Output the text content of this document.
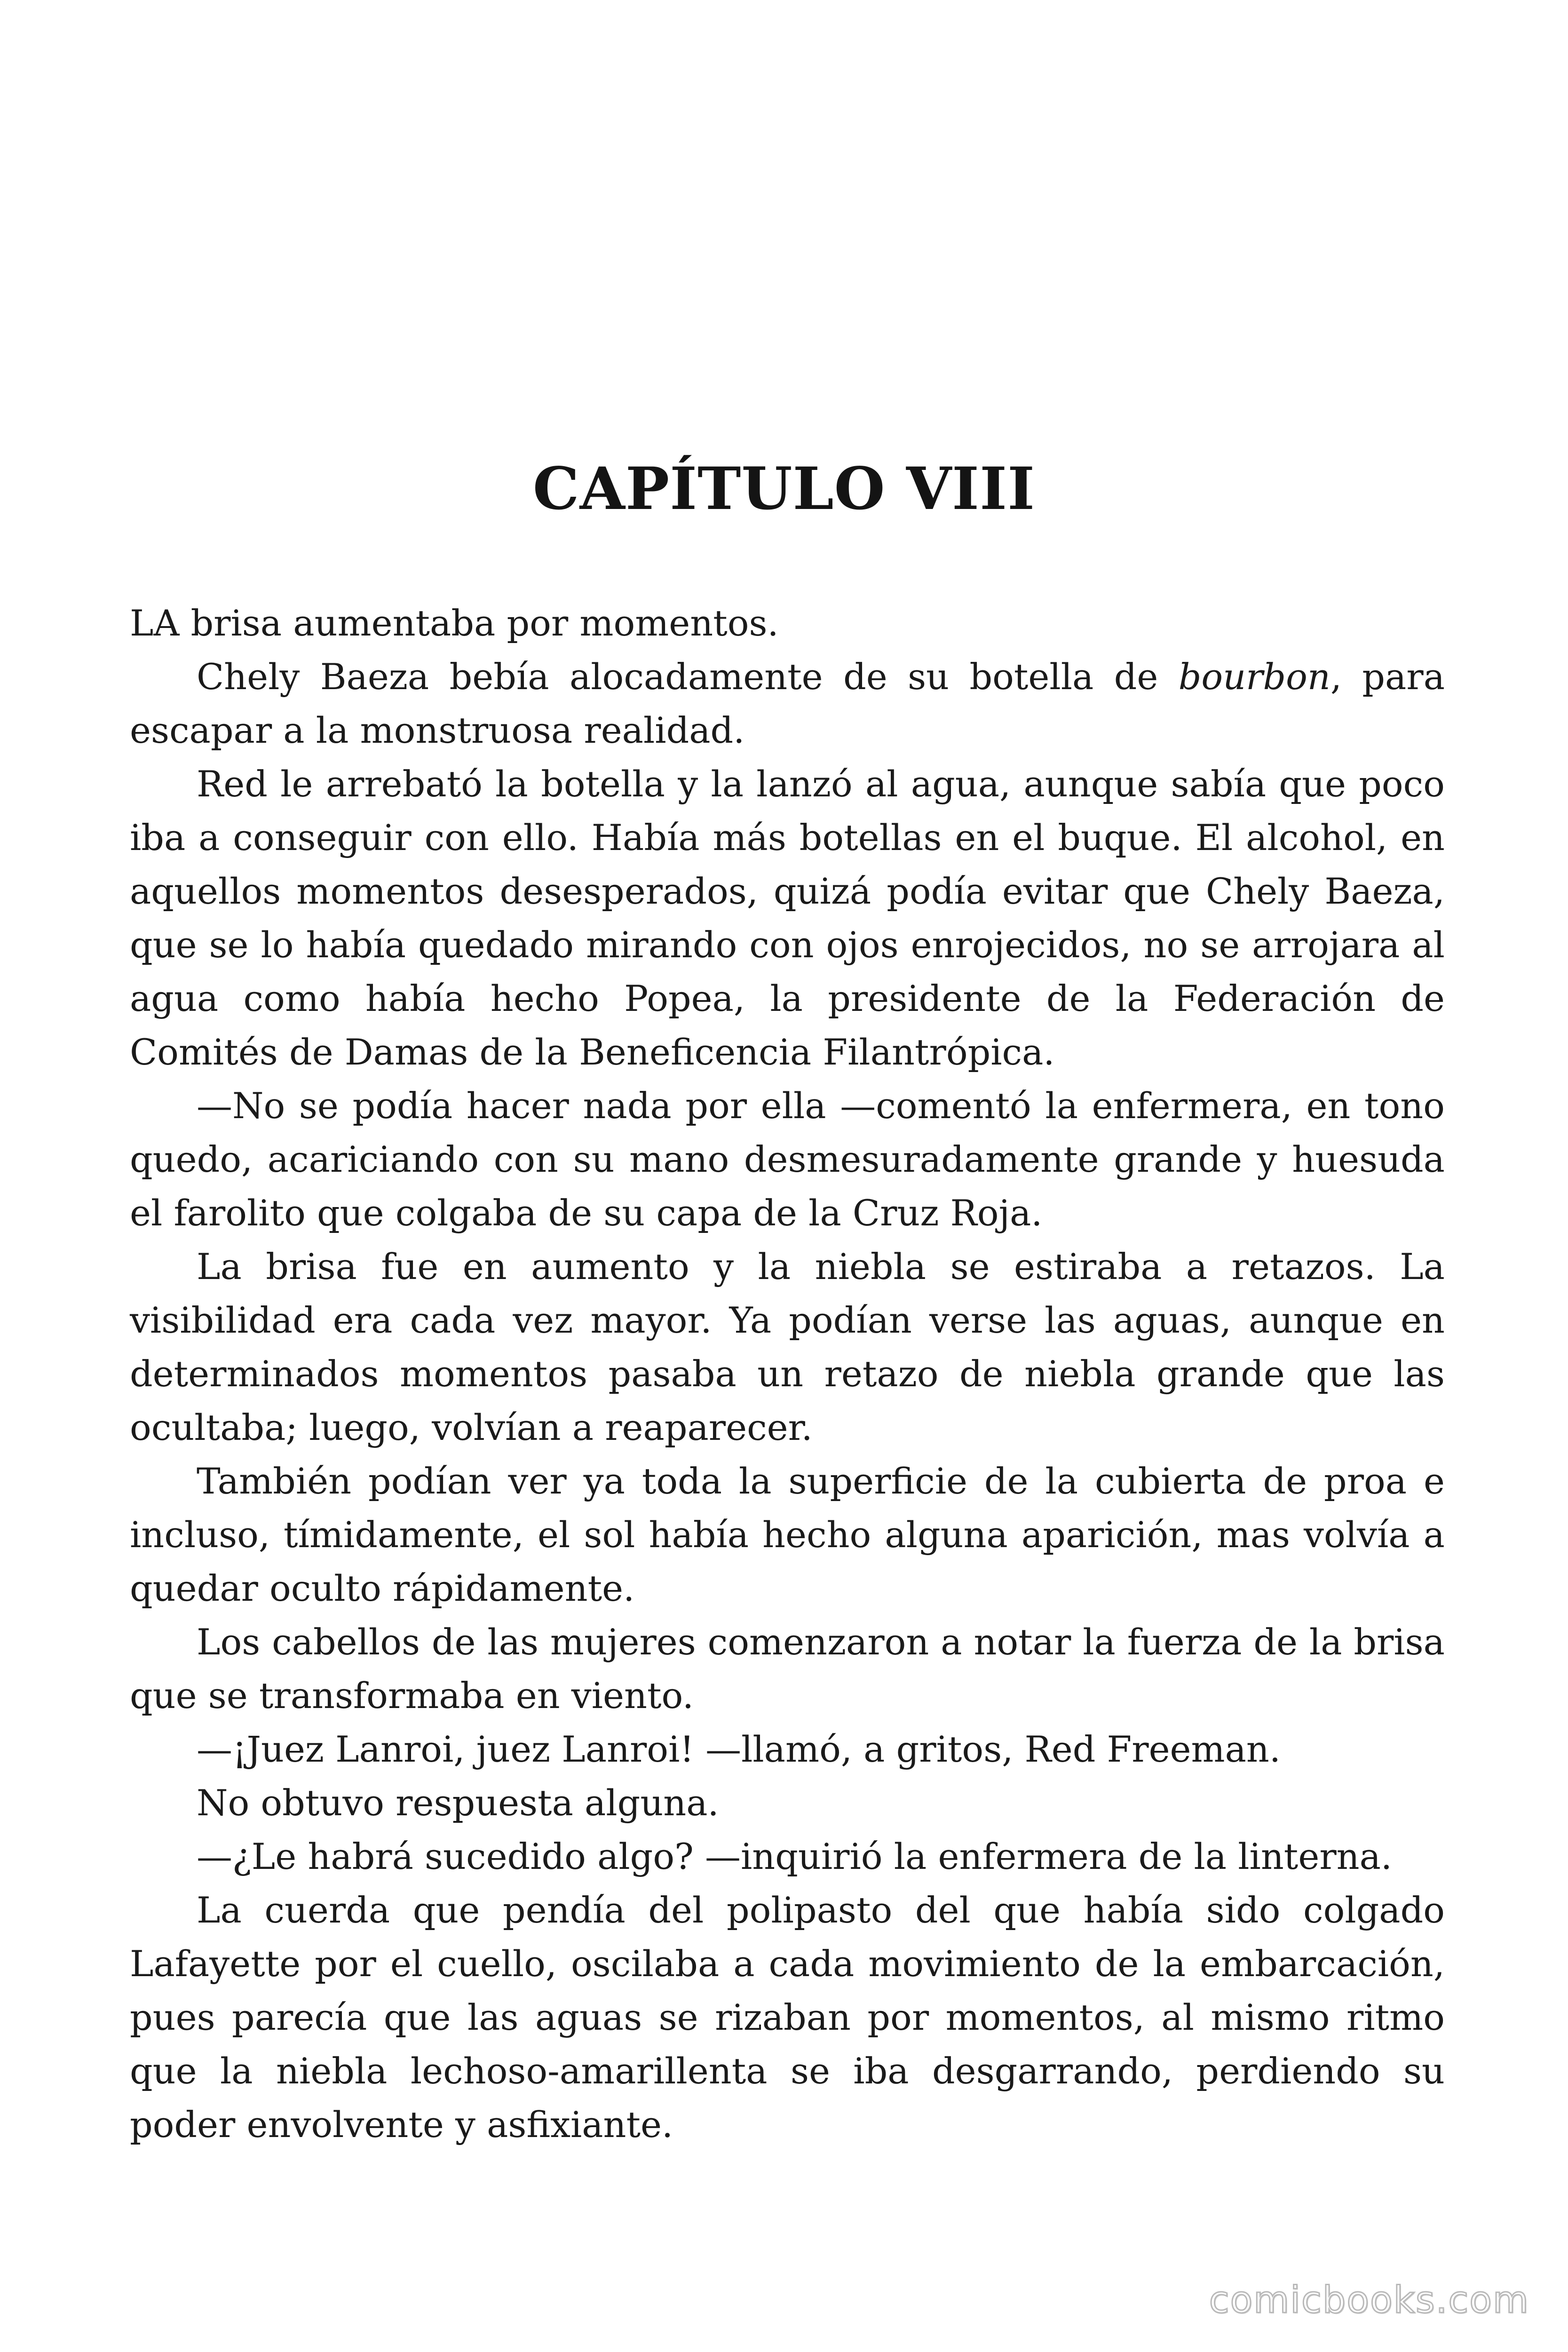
CAPÍTULO VIII

LA brisa aumentaba por momentos.

Chely Baeza bebía alocadamente de su botella de bourbon, para escapar a la monstruosa realidad.

Red le arrebató la botella y la lanzó al agua, aunque sabía que poco iba a conseguir con ello. Había más botellas en el buque. El alcohol, en aquellos momentos desesperados, quizá podía evitar que Chely Baeza, que se lo había quedado mirando con ojos enrojecidos, no se arrojara al agua como había hecho Popea, la presidente de la Federación de Comités de Damas de la Beneficencia Filantrópica.

—No se podía hacer nada por ella —comentó la enfermera, en tono quedo, acariciando con su mano desmesuradamente grande y huesuda el farolito que colgaba de su capa de la Cruz Roja.

La brisa fue en aumento y la niebla se estiraba a retazos. La visibilidad era cada vez mayor. Ya podían verse las aguas, aunque en determinados momentos pasaba un retazo de niebla grande que las ocultaba; luego, volvían a reaparecer.

También podían ver ya toda la superficie de la cubierta de proa e incluso, tímidamente, el sol había hecho alguna aparición, mas volvía a quedar oculto rápidamente.

Los cabellos de las mujeres comenzaron a notar la fuerza de la brisa que se transformaba en viento.

—¡Juez Lanroi, juez Lanroi! —llamó, a gritos, Red Freeman.

No obtuvo respuesta alguna.

—¿Le habrá sucedido algo? —inquirió la enfermera de la linterna.

La cuerda que pendía del polipasto del que había sido colgado Lafayette por el cuello, oscilaba a cada movimiento de la embarcación, pues parecía que las aguas se rizaban por momentos, al mismo ritmo que la niebla lechoso-amarillenta se iba desgarrando, perdiendo su poder envolvente y asfixiante.

comicbooks.com
